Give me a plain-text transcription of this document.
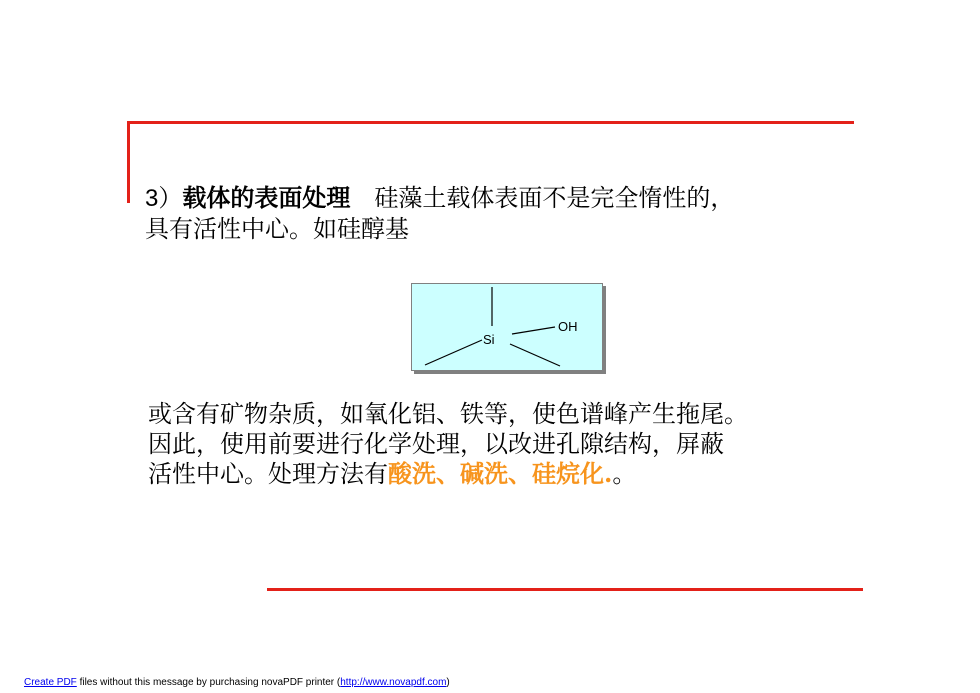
3）载体的表面处理　 硅藻土载体表面不是完全惰性的，
具有活性中心。如硅醇基
Si
OH
或含有矿物杂质，如氧化铝、铁等，使色谱峰产生拖尾。
因此，使用前要进行化学处理，以改进孔隙结构，屏蔽
活性中心。处理方法有酸洗、碱洗、硅烷化.。
Create PDF files without this message by purchasing novaPDF printer (http://www.novapdf.com)
